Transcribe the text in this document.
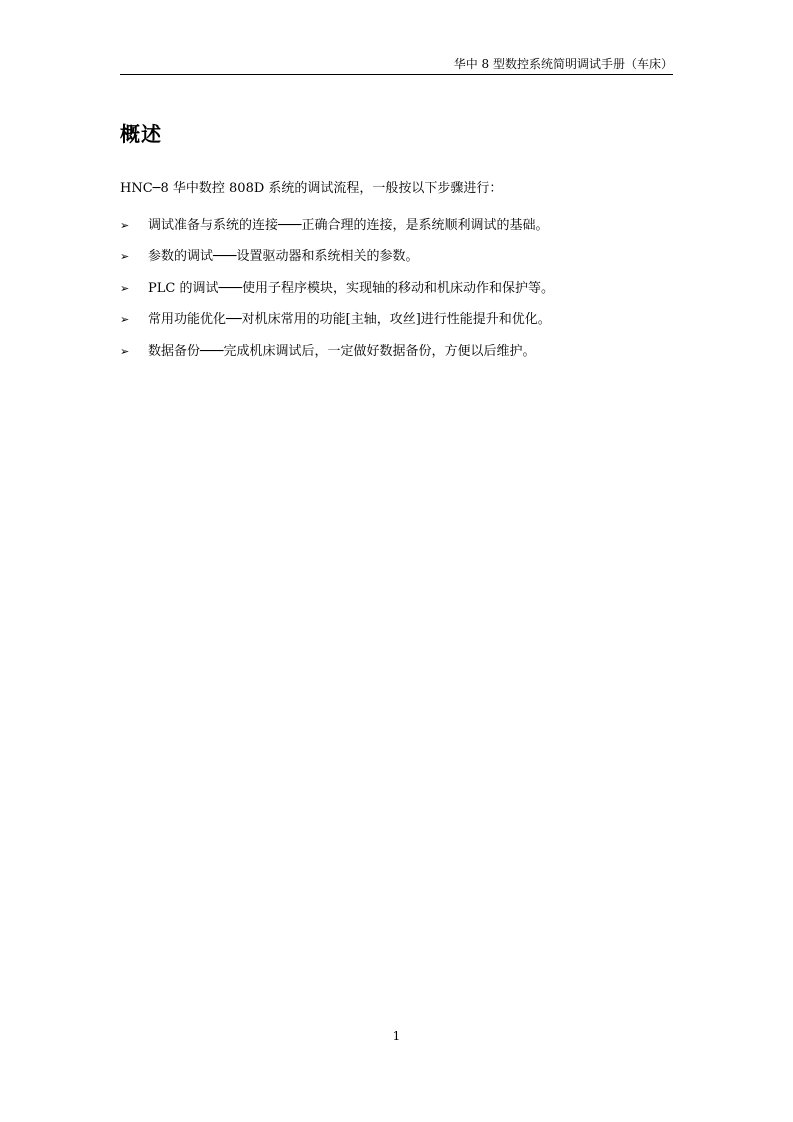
华中 8 型数控系统简明调试手册（车床）
概述
HNC─8 华中数控 808D 系统的调试流程，一般按以下步骤进行：
➢	调试准备与系统的连接───正确合理的连接，是系统顺利调试的基础。
➢	参数的调试───设置驱动器和系统相关的参数。
➢	PLC 的调试───使用子程序模块，实现轴的移动和机床动作和保护等。
➢	常用功能优化──对机床常用的功能[主轴，攻丝]进行性能提升和优化。
➢	数据备份───完成机床调试后，一定做好数据备份，方便以后维护。
1
